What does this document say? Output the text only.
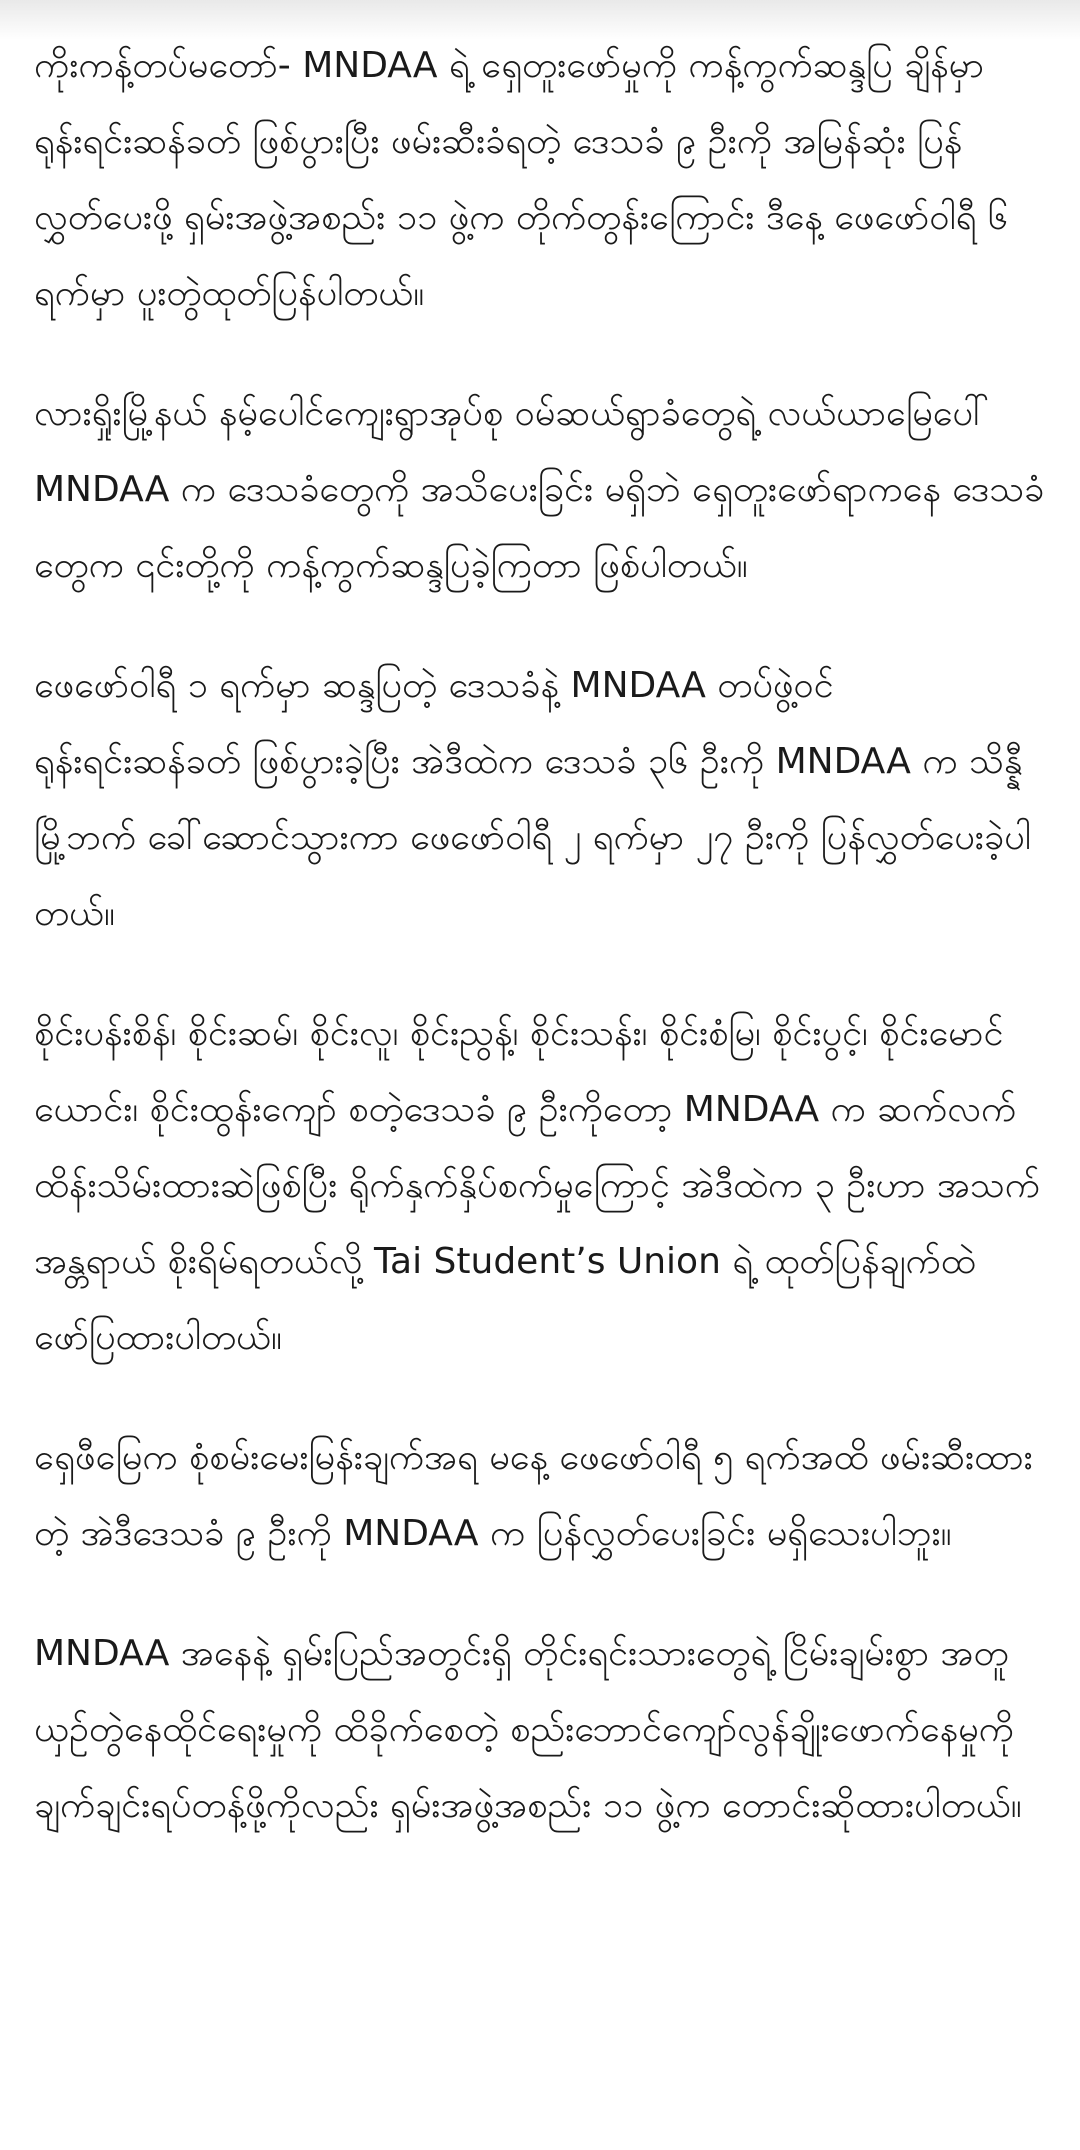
ကိုးကန့်တပ်မတော်- MNDAA ရဲ့ ရှေတူးဖော်မှုကို ကန့်ကွက်ဆန္ဒပြ ချိန်မှာ ရုန်းရင်းဆန်ခတ် ဖြစ်ပွားပြီး ဖမ်းဆီးခံရတဲ့ ဒေသခံ ၉ ဦးကို အမြန်ဆုံး ပြန်လွှတ်ပေးဖို့ ရှမ်းအဖွဲ့အစည်း ၁၁ ဖွဲ့က တိုက်တွန်းကြောင်း ဒီနေ့ ဖေဖော်ဝါရီ ၆ ရက်မှာ ပူးတွဲထုတ်ပြန်ပါတယ်။

လားရှိုးမြို့နယ် နမ့်ပေါင်ကျေးရွာအုပ်စု ဝမ်ဆယ်ရွာခံတွေရဲ့ လယ်ယာမြေပေါ် MNDAA က ဒေသခံတွေကို အသိပေးခြင်း မရှိဘဲ ရှေတူးဖော်ရာကနေ ဒေသခံတွေက ၎င်းတို့ကို ကန့်ကွက်ဆန္ဒပြခဲ့ကြတာ ဖြစ်ပါတယ်။

ဖေဖော်ဝါရီ ၁ ရက်မှာ ဆန္ဒပြတဲ့ ဒေသခံနဲ့ MNDAA တပ်ဖွဲ့ဝင် ရုန်းရင်းဆန်ခတ် ဖြစ်ပွားခဲ့ပြီး အဲဒီထဲက ဒေသခံ ၃၆ ဦးကို MNDAA က သိန္နီမြို့ဘက် ခေါ်ဆောင်သွားကာ ဖေဖော်ဝါရီ ၂ ရက်မှာ ၂၇ ဦးကို ပြန်လွှတ်ပေးခဲ့ပါတယ်။

စိုင်းပန်းစိန်၊ စိုင်းဆမ်၊ စိုင်းလူ၊ စိုင်းညွန့်၊ စိုင်းသန်း၊ စိုင်းစံမြ၊ စိုင်းပွင့်၊ စိုင်းမောင်ယောင်း၊ စိုင်းထွန်းကျော် စတဲ့ဒေသခံ ၉ ဦးကိုတော့ MNDAA က ဆက်လက်ထိန်းသိမ်းထားဆဲဖြစ်ပြီး ရိုက်နှက်နှိပ်စက်မှုကြောင့် အဲဒီထဲက ၃ ဦးဟာ အသက်အန္တရာယ် စိုးရိမ်ရတယ်လို့ Tai Student’s Union ရဲ့ ထုတ်ပြန်ချက်ထဲ ဖော်ပြထားပါတယ်။

ရှေဖီမြေက စုံစမ်းမေးမြန်းချက်အရ မနေ့ ဖေဖော်ဝါရီ ၅ ရက်အထိ ဖမ်းဆီးထားတဲ့ အဲဒီဒေသခံ ၉ ဦးကို MNDAA က ပြန်လွှတ်ပေးခြင်း မရှိသေးပါဘူး။

MNDAA အနေနဲ့ ရှမ်းပြည်အတွင်းရှိ တိုင်းရင်းသားတွေရဲ့ ငြိမ်းချမ်းစွာ အတူယှဉ်တွဲနေထိုင်ရေးမှုကို ထိခိုက်စေတဲ့ စည်းဘောင်ကျော်လွန်ချိုးဖောက်နေမှုကို ချက်ချင်းရပ်တန့်ဖို့ကိုလည်း ရှမ်းအဖွဲ့အစည်း ၁၁ ဖွဲ့က တောင်းဆိုထားပါတယ်။
